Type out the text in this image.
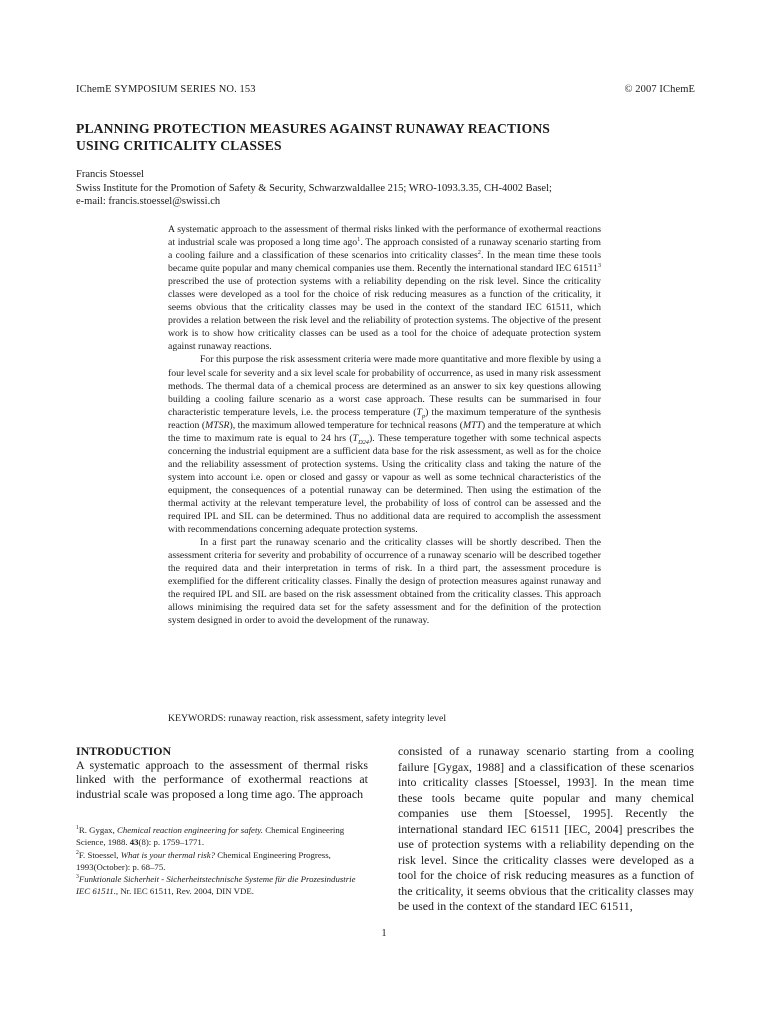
IChemE SYMPOSIUM SERIES NO. 153	© 2007 IChemE
PLANNING PROTECTION MEASURES AGAINST RUNAWAY REACTIONS
USING CRITICALITY CLASSES
Francis Stoessel
Swiss Institute for the Promotion of Safety & Security, Schwarzwaldallee 215; WRO-1093.3.35, CH-4002 Basel;
e-mail: francis.stoessel@swissi.ch

A systematic approach to the assessment of thermal risks linked with the performance of exothermal reactions at industrial scale was proposed a long time ago$^1$. The approach consisted of a runaway scenario starting from a cooling failure and a classification of these scenarios into criticality classes$^2$. In the mean time these tools became quite popular and many chemical companies use them. Recently the international standard IEC 61511$^3$ prescribed the use of protection systems with a reliability depending on the risk level. Since the criticality classes were developed as a tool for the choice of risk reducing measures as a function of the criticality, it seems obvious that the criticality classes may be used in the context of the standard IEC 61511, which provides a relation between the risk level and the reliability of protection systems. The objective of the present work is to show how criticality classes can be used as a tool for the choice of adequate protection system against runaway reactions.

For this purpose the risk assessment criteria were made more quantitative and more flexible by using a four level scale for severity and a six level scale for probability of occurrence, as used in many risk assessment methods. The thermal data of a chemical process are determined as an answer to six key questions allowing building a cooling failure scenario as a worst case approach. These results can be summarised in four characteristic temperature levels, i.e. the process temperature $(T_p)$ the maximum temperature of the synthesis reaction (MTSR), the maximum allowed temperature for technical reasons (MTT) and the temperature at which the time to maximum rate is equal to 24 hrs $(T_{D24})$. These temperature together with some technical aspects concerning the industrial equipment are a sufficient data base for the risk assessment, as well as for the choice and the reliability assessment of protection systems. Using the criticality class and taking the nature of the system into account i.e. open or closed and gassy or vapour as well as some technical characteristics of the equipment, the consequences of a potential runaway can be determined. Then using the estimation of the thermal activity at the relevant temperature level, the probability of loss of control can be assessed and the required IPL and SIL can be determined. Thus no additional data are required to accomplish the assessment with recommendations concerning adequate protection systems.

In a first part the runaway scenario and the criticality classes will be shortly described. Then the assessment criteria for severity and probability of occurrence of a runaway scenario will be described together the required data and their interpretation in terms of risk. In a third part, the assessment procedure is exemplified for the different criticality classes. Finally the design of protection measures against runaway and the required IPL and SIL are based on the risk assessment obtained from the criticality classes. This approach allows minimising the required data set for the safety assessment and for the definition of the protection system designed in order to avoid the development of the runaway.

KEYWORDS: runaway reaction, risk assessment, safety integrity level
INTRODUCTION

A systematic approach to the assessment of thermal risks linked with the performance of exothermal reactions at industrial scale was proposed a long time ago. The approach

$^1$R. Gygax, Chemical reaction engineering for safety. Chemical Engineering Science, 1988. 43(8): p. 1759–1771.

$^2$F. Stoessel, What is your thermal risk? Chemical Engineering Progress, 1993(October): p. 68–75.

$^3$Funktionale Sicherheit - Sicherheitstechnische Systeme für die Prozesindustrie IEC 61511., Nr. IEC 61511, Rev. 2004, DIN VDE.

consisted of a runaway scenario starting from a cooling failure [Gygax, 1988] and a classification of these scenarios into criticality classes [Stoessel, 1993]. In the mean time these tools became quite popular and many chemical companies use them [Stoessel, 1995]. Recently the international standard IEC 61511 [IEC, 2004] prescribes the use of protection systems with a reliability depending on the risk level. Since the criticality classes were developed as a tool for the choice of risk reducing measures as a function of the criticality, it seems obvious that the criticality classes may be used in the context of the standard IEC 61511,

1
